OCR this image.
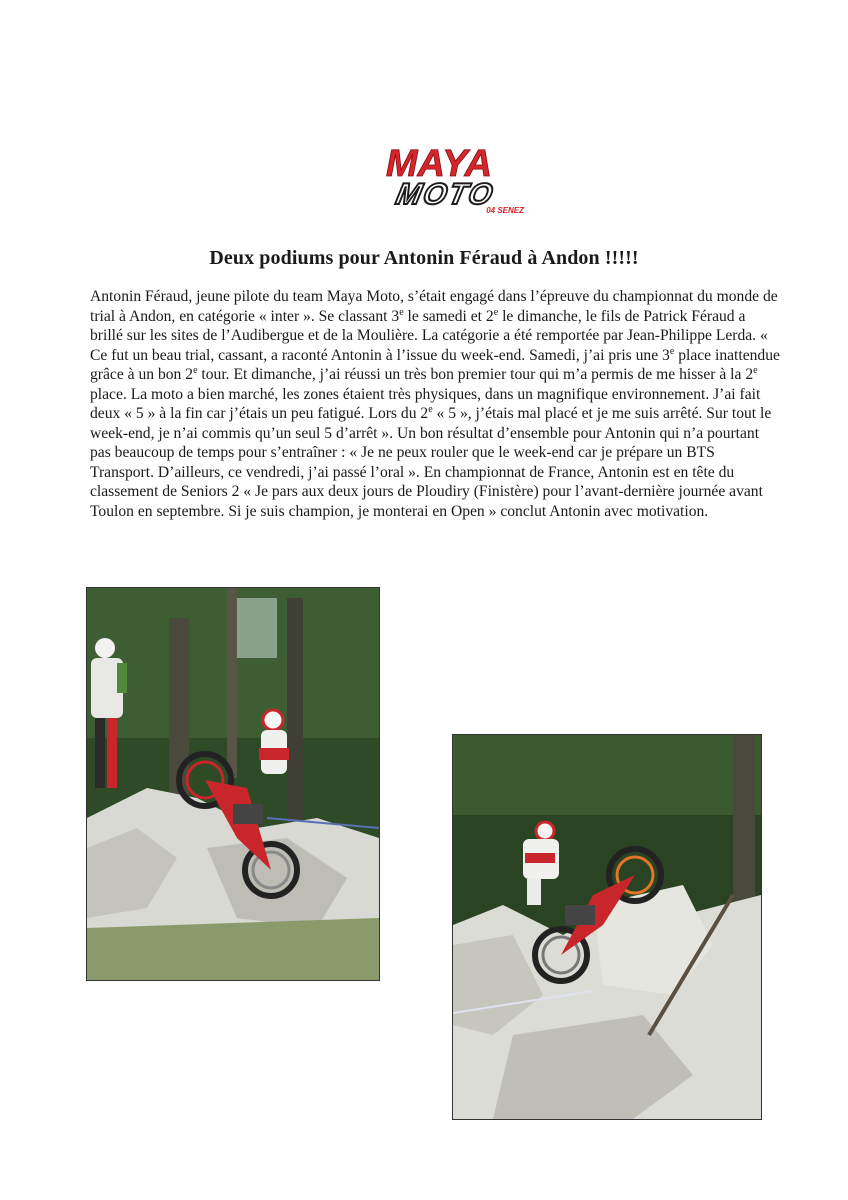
MAYA
MOTO
04 SENEZ
Deux podiums pour Antonin Féraud à Andon !!!!!
Antonin Féraud, jeune pilote du team Maya Moto, s’était engagé dans l’épreuve du championnat du monde de trial à Andon, en catégorie « inter ». Se classant 3e le samedi et 2e le dimanche, le fils de Patrick Féraud a brillé sur les sites de l’Audibergue et de la Moulière. La catégorie a été remportée par Jean-Philippe Lerda. « Ce fut un beau trial, cassant, a raconté Antonin à l’issue du week-end. Samedi, j’ai pris une 3e place inattendue grâce à un bon 2e tour. Et dimanche, j’ai réussi un très bon premier tour qui m’a permis de me hisser à la 2e place. La moto a bien marché, les zones étaient très physiques, dans un magnifique environnement. J’ai fait deux « 5 » à la fin car j’étais un peu fatigué. Lors du 2e « 5 », j’étais mal placé et je me suis arrêté. Sur tout le week-end, je n’ai commis qu’un seul 5 d’arrêt ». Un bon résultat d’ensemble pour Antonin qui n’a pourtant pas beaucoup de temps pour s’entraîner : « Je ne peux rouler que le week-end car je prépare un BTS Transport. D’ailleurs, ce vendredi, j’ai passé l’oral ». En championnat de France, Antonin est en tête du classement de Seniors 2 « Je pars aux deux jours de Ploudiry (Finistère) pour l’avant-dernière journée avant Toulon en septembre. Si je suis champion, je monterai en Open » conclut Antonin avec motivation.
